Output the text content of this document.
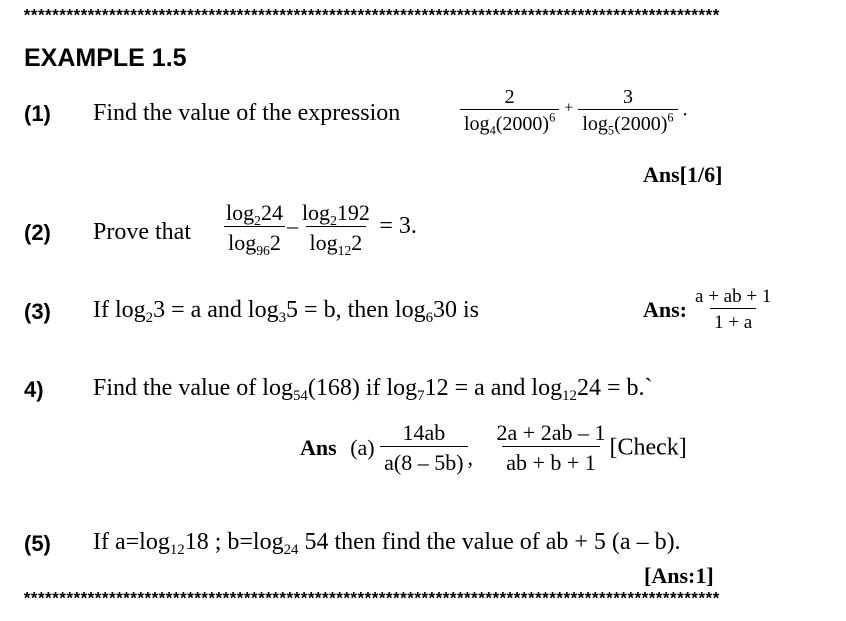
**************************************************************************************************
EXAMPLE 1.5
(1) Find the value of the expression	$\frac{2}{\log_4(2000)^6} + \frac{3}{\log_5(2000)^6}$ .
Ans[1/6]
(2) Prove that $\frac{\log_224}{\log_{96}2} - \frac{\log_2192}{\log_{12}2} = 3$.
(3) If $\log_23 = a$ and $\log_35 = b$, then $\log_630$ is	Ans: $\frac{a + ab + 1}{1 + a}$
4) Find the value of $\log_{54}(168)$ if $\log_712 = a$ and $\log_{12}24$ = b.`
Ans $(a) \frac{14ab}{a(8 - 5b)}$ , $\frac{2a + 2ab - 1}{ab + b + 1}$ [Check]
(5) If $a=\log_{12}18$ ; $b=\log_{24}$ 54 then find the value of ab + 5 (a – b).
[Ans:1]
**************************************************************************************************
